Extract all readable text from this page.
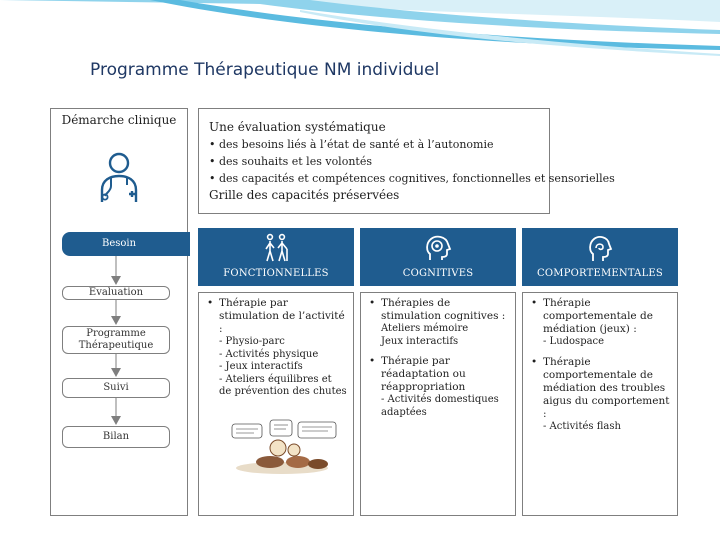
Programme Thérapeutique NM individuel
Démarche clinique	Une évaluation systématique
• des besoins liés à l’état de santé et à l’autonomie
• des souhaits et les volontés
• des capacités et compétences cognitives, fonctionnelles et sensorielles
Grille des capacités préservées
Besoin
Evaluation
Programme Thérapeutique
Suivi
Bilan
FONCTIONNELLES	COGNITIVES	COMPORTEMENTALES
• Thérapie par stimulation de l’activité :
- Physio-parc
- Activités physique
- Jeux interactifs
- Ateliers équilibres et de prévention des chutes
• Thérapies de stimulation cognitives :
Ateliers mémoire
Jeux interactifs
• Thérapie par réadaptation ou réappropriation
- Activités domestiques adaptées
• Thérapie comportementale de médiation (jeux) :
- Ludospace
• Thérapie comportementale de médiation des troubles aigus du comportement :
- Activités flash
